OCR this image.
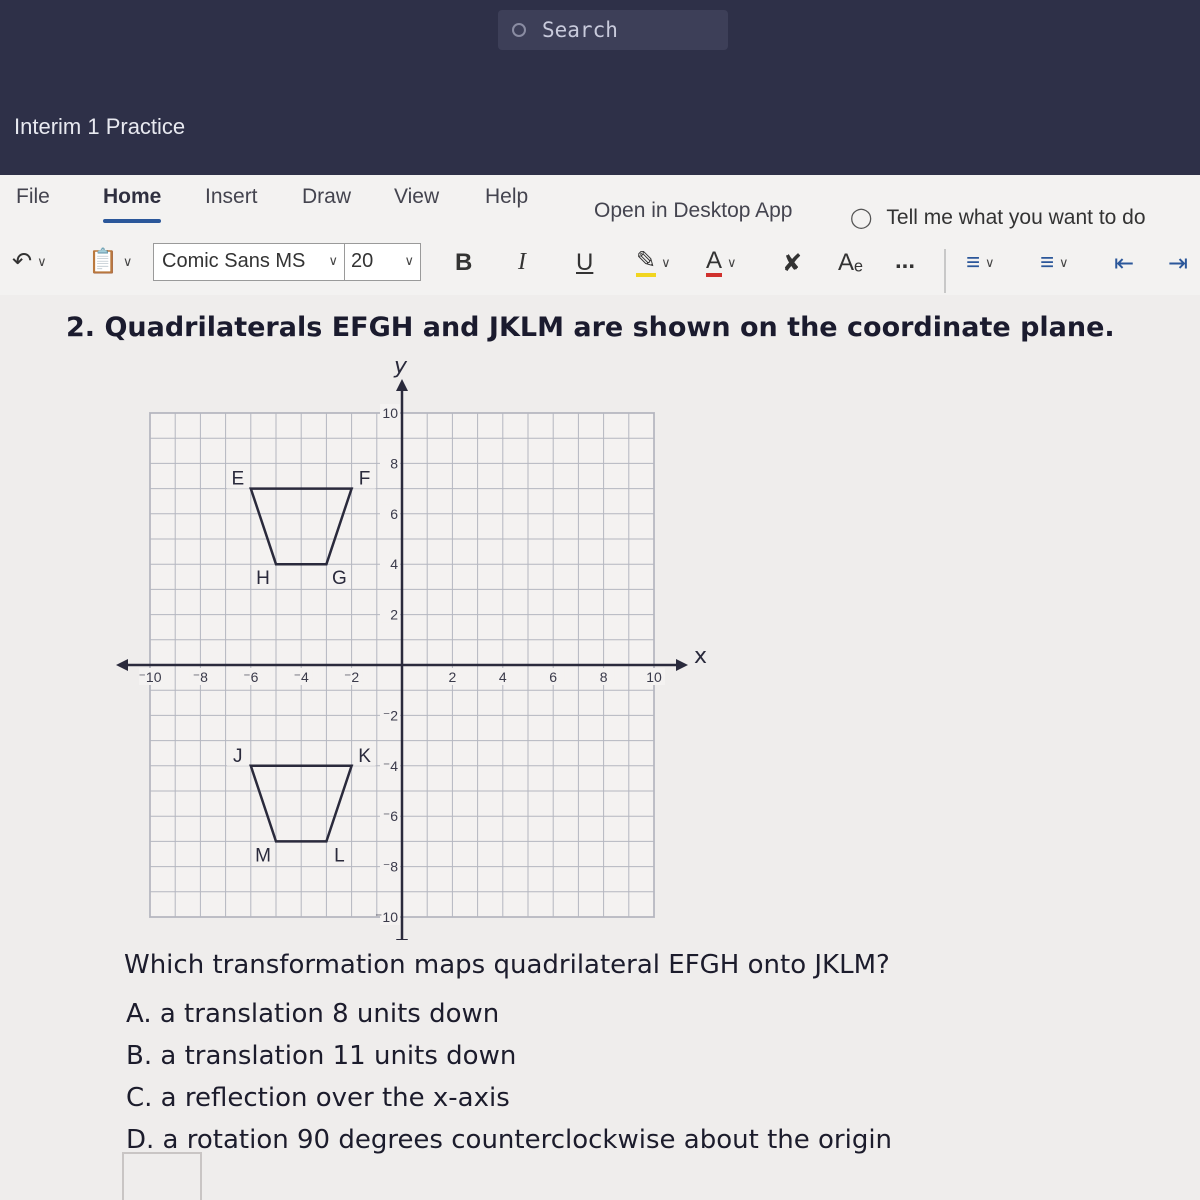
Search
Interim 1 Practice
File	Home Insert Draw View Help
Open in Desktop App	◯ Tell me what you want to do
↶ ∨ 📋 ∨	Comic Sans MS ∨ 20 ∨ B I U ✎ ∨ A ∨ ✘ Aₑ ... ≡ ∨ ≡ ∨ ⇤ ⇥
2. Quadrilaterals EFGH and JKLM are shown on the coordinate plane.
x
y
⁻10 ⁻8	⁻6	⁻4	⁻2	2	4	6	8	10
10
8
6
4
2
⁻2
⁻4
⁻6
⁻8
⁻10
E	F
G
H
J	K
L
M
Which transformation maps quadrilateral EFGH onto JKLM?
A. a translation 8 units down
B. a translation 11 units down
C. a reflection over the x-axis
D. a rotation 90 degrees counterclockwise about the origin
